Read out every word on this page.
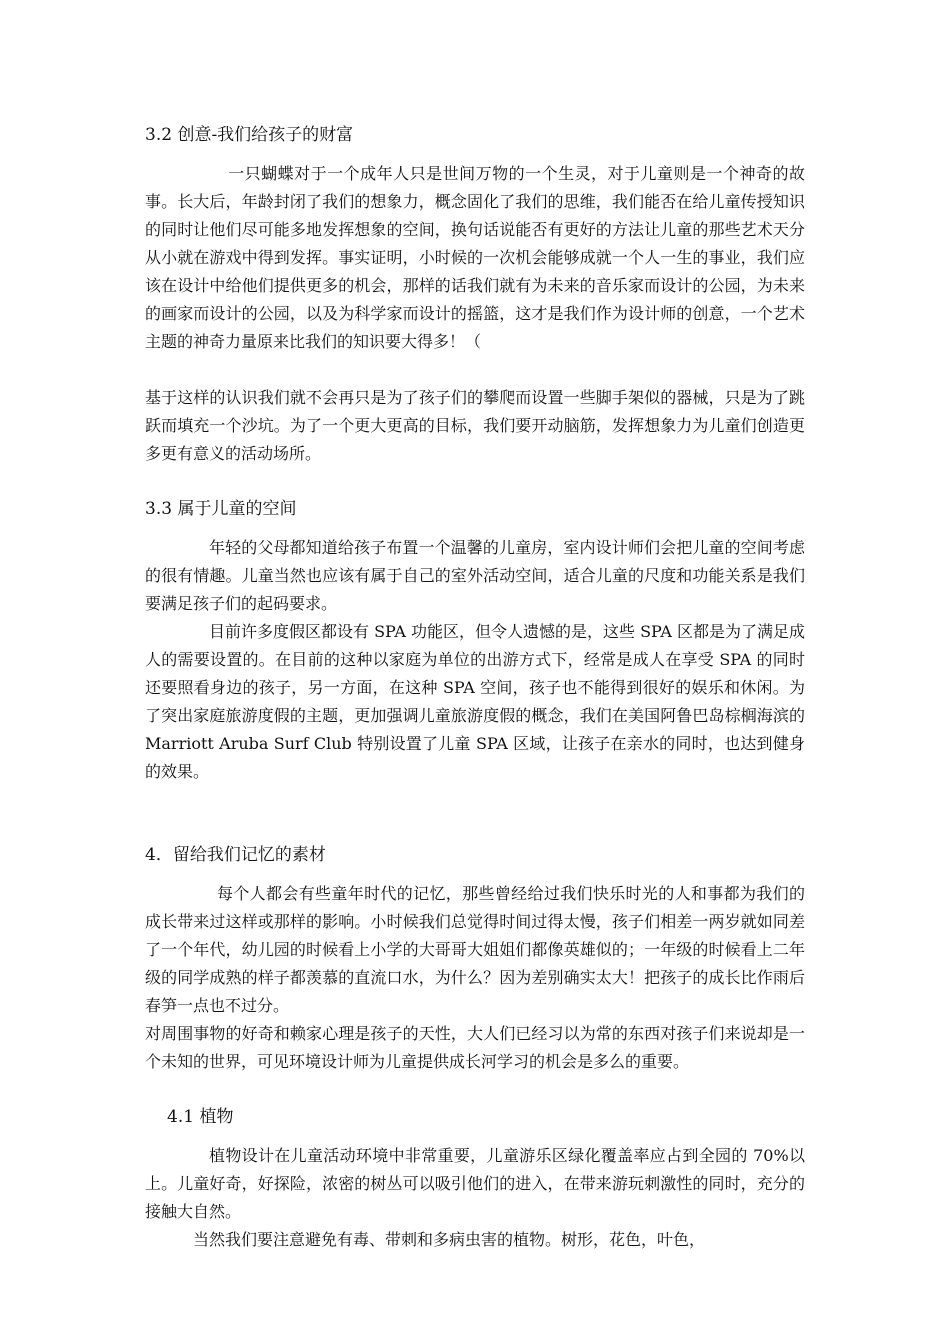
3.2 创意-我们给孩子的财富

一只蝴蝶对于一个成年人只是世间万物的一个生灵，对于儿童则是一个神奇的故事。长大后，年龄封闭了我们的想象力，概念固化了我们的思维，我们能否在给儿童传授知识的同时让他们尽可能多地发挥想象的空间，换句话说能否有更好的方法让儿童的那些艺术天分从小就在游戏中得到发挥。事实证明，小时候的一次机会能够成就一个人一生的事业，我们应该在设计中给他们提供更多的机会，那样的话我们就有为未来的音乐家而设计的公园，为未来的画家而设计的公园，以及为科学家而设计的摇篮，这才是我们作为设计师的创意，一个艺术主题的神奇力量原来比我们的知识要大得多！（

基于这样的认识我们就不会再只是为了孩子们的攀爬而设置一些脚手架似的器械，只是为了跳跃而填充一个沙坑。为了一个更大更高的目标，我们要开动脑筋，发挥想象力为儿童们创造更多更有意义的活动场所。

3.3 属于儿童的空间

年轻的父母都知道给孩子布置一个温馨的儿童房，室内设计师们会把儿童的空间考虑的很有情趣。儿童当然也应该有属于自己的室外活动空间，适合儿童的尺度和功能关系是我们要满足孩子们的起码要求。

目前许多度假区都设有 SPA 功能区，但令人遗憾的是，这些 SPA 区都是为了满足成人的需要设置的。在目前的这种以家庭为单位的出游方式下，经常是成人在享受 SPA 的同时还要照看身边的孩子，另一方面，在这种 SPA 空间，孩子也不能得到很好的娱乐和休闲。为了突出家庭旅游度假的主题，更加强调儿童旅游度假的概念，我们在美国阿鲁巴岛棕榈海滨的 Marriott Aruba Surf Club 特别设置了儿童 SPA 区域，让孩子在亲水的同时，也达到健身的效果。

4．留给我们记忆的素材

每个人都会有些童年时代的记忆，那些曾经给过我们快乐时光的人和事都为我们的成长带来过这样或那样的影响。小时候我们总觉得时间过得太慢，孩子们相差一两岁就如同差了一个年代，幼儿园的时候看上小学的大哥哥大姐姐们都像英雄似的；一年级的时候看上二年级的同学成熟的样子都羡慕的直流口水，为什么？因为差别确实太大！把孩子的成长比作雨后春笋一点也不过分。

对周围事物的好奇和赖家心理是孩子的天性，大人们已经习以为常的东西对孩子们来说却是一个未知的世界，可见环境设计师为儿童提供成长河学习的机会是多么的重要。

4.1 植物

植物设计在儿童活动环境中非常重要，儿童游乐区绿化覆盖率应占到全园的 70%以上。儿童好奇，好探险，浓密的树丛可以吸引他们的进入，在带来游玩刺激性的同时，充分的接触大自然。

当然我们要注意避免有毒、带刺和多病虫害的植物。树形，花色，叶色，
